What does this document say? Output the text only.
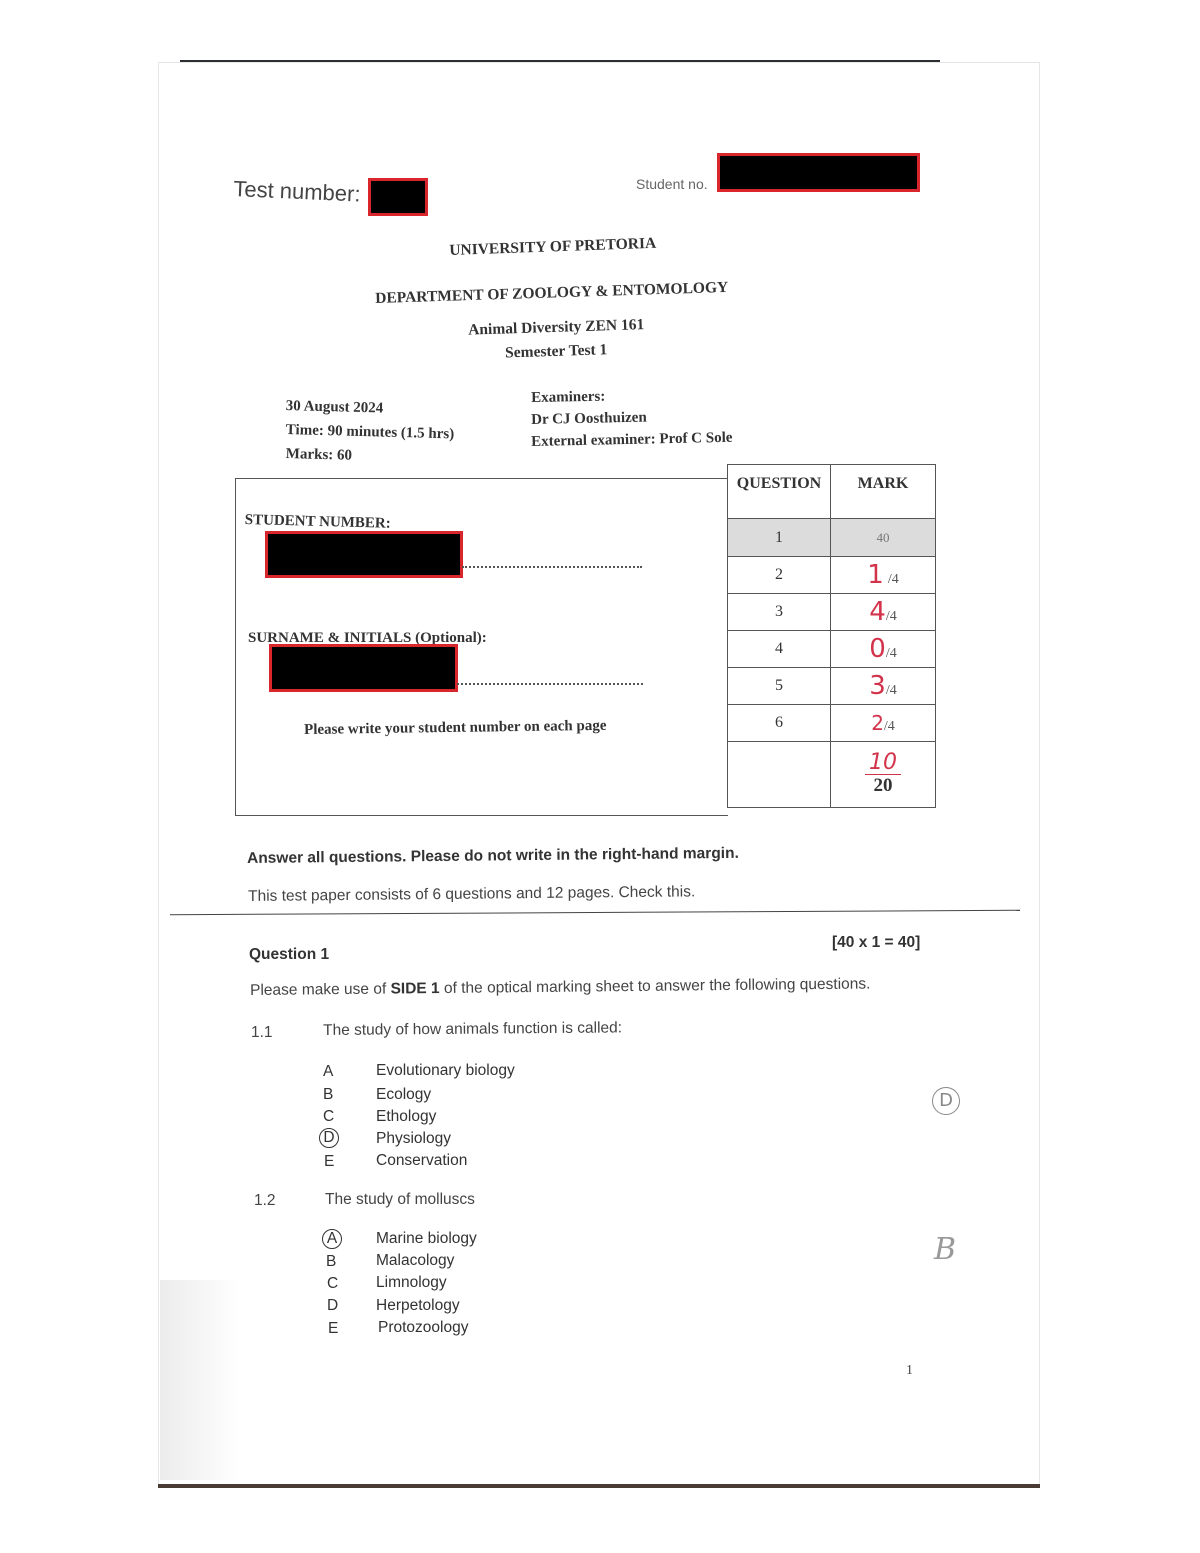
Test number:	Student no.
UNIVERSITY OF PRETORIA
DEPARTMENT OF ZOOLOGY & ENTOMOLOGY
Animal Diversity ZEN 161
Semester Test 1
30 August 2024
Time: 90 minutes (1.5 hrs)
Marks: 60
Examiners:
Dr CJ Oosthuizen
External examiner: Prof C Sole
STUDENT NUMBER:
SURNAME & INITIALS (Optional):
Please write your student number on each page
QUESTION	MARK
1	40
2	1 /4
3	4/4
4	0/4
5	3/4
6	2/4
	10
20
Answer all questions. Please do not write in the right-hand margin.
This test paper consists of 6 questions and 12 pages. Check this.
Question 1
[40 x 1 = 40]
Please make use of SIDE 1 of the optical marking sheet to answer the following questions.
1.1	The study of how animals function is called:
A	Evolutionary biology
B	Ecology
C	Ethology
D	Physiology
E	Conservation
D
1.2	The study of molluscs
A	Marine biology
B	Malacology
C Limnology
D Herpetology
E	Protozoology
B
1
